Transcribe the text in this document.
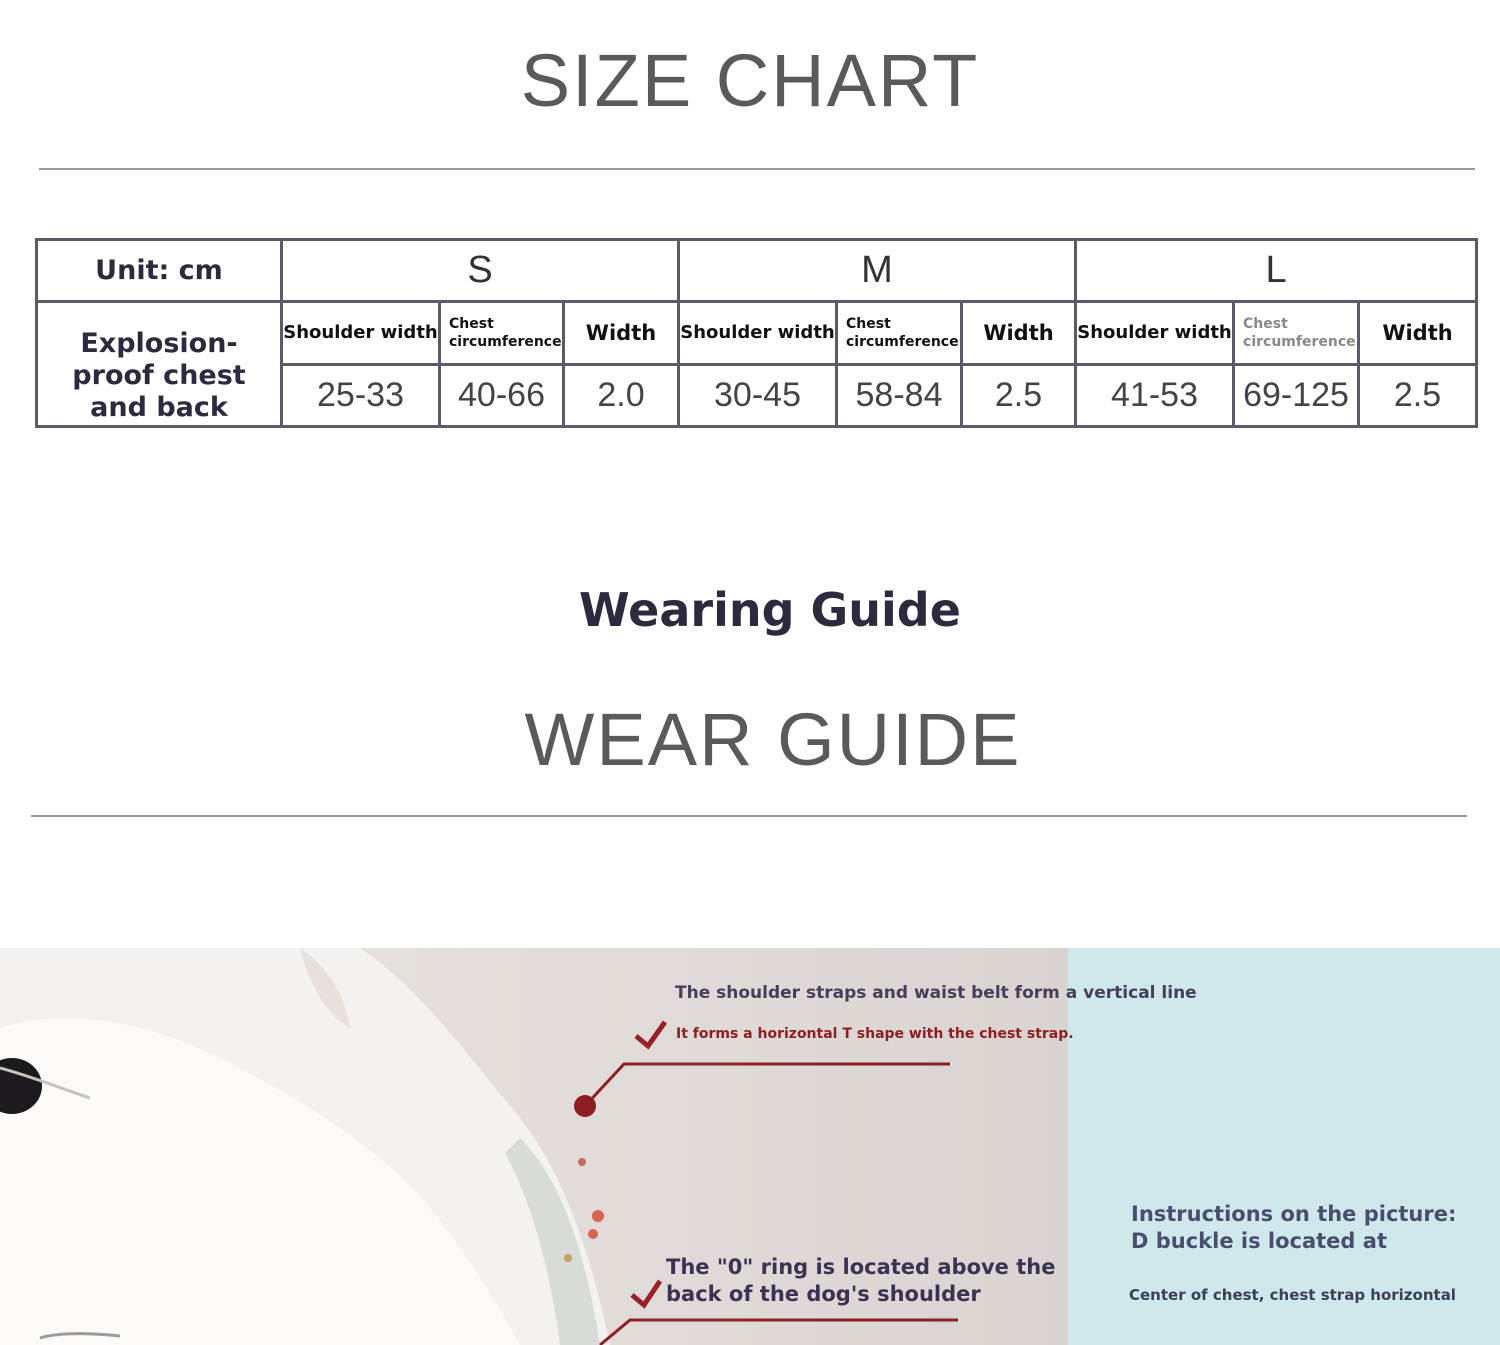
SIZE CHART
Unit: cm	S			M			L		
Explosion-proof chest and back	Shoulder width	Chest circumference	Width	Shoulder width	Chest circumference	Width	Shoulder width	Chest circumference	Width
	25-33	40-66	2.0	30-45	58-84	2.5	41-53	69-125	2.5
Wearing Guide
WEAR GUIDE
The shoulder straps and waist belt form a vertical line
It forms a horizontal T shape with the chest strap.
The "0" ring is located above the back of the dog's shoulder
Instructions on the picture: D buckle is located at
Center of chest, chest strap horizontal
